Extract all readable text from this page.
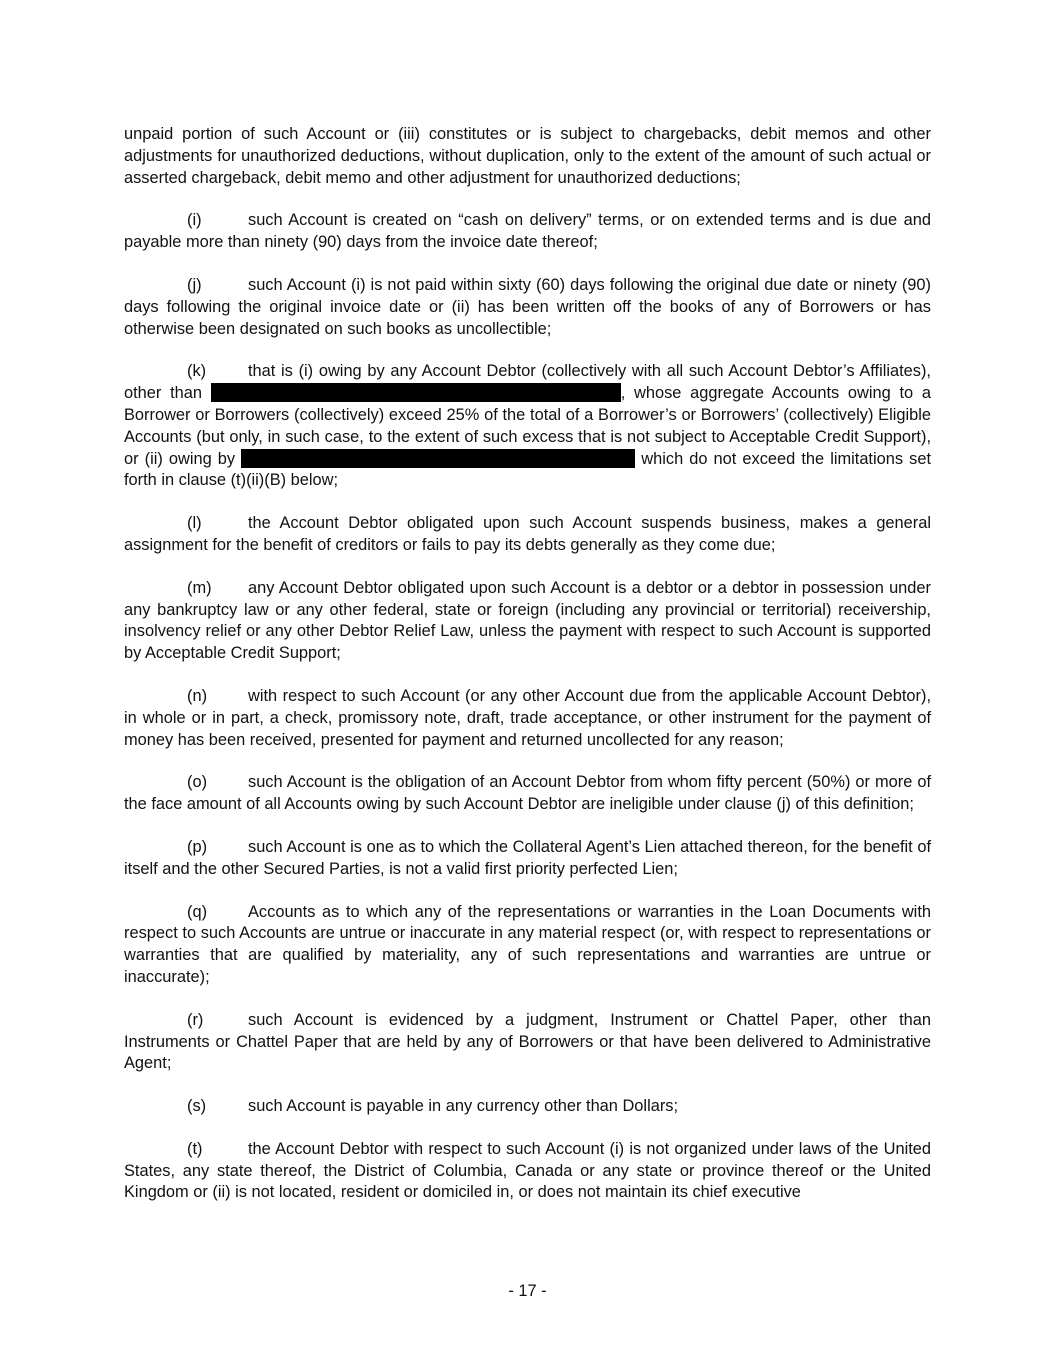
unpaid portion of such Account or (iii) constitutes or is subject to chargebacks, debit memos and other adjustments for unauthorized deductions, without duplication, only to the extent of the amount of such actual or asserted chargeback, debit memo and other adjustment for unauthorized deductions;

(i)	such Account is created on “cash on delivery” terms, or on extended terms and is due and payable more than ninety (90) days from the invoice date thereof;

(j)	such Account (i) is not paid within sixty (60) days following the original due date or ninety (90) days following the original invoice date or (ii) has been written off the books of any of Borrowers or has otherwise been designated on such books as uncollectible;

(k)	that is (i) owing by any Account Debtor (collectively with all such Account Debtor’s Affiliates), other than	, whose aggregate Accounts owing to a Borrower or Borrowers (collectively) exceed 25% of the total of a Borrower’s or Borrowers’ (collectively) Eligible Accounts (but only, in such case, to the extent of such excess that is not subject to Acceptable Credit Support), or (ii) owing by	which do not exceed the limitations set forth in clause (t)(ii)(B) below;

(l)	the Account Debtor obligated upon such Account suspends business, makes a general assignment for the benefit of creditors or fails to pay its debts generally as they come due;

(m) any Account Debtor obligated upon such Account is a debtor or a debtor in possession under any bankruptcy law or any other federal, state or foreign (including any provincial or territorial) receivership, insolvency relief or any other Debtor Relief Law, unless the payment with respect to such Account is supported by Acceptable Credit Support;

(n) with respect to such Account (or any other Account due from the applicable Account Debtor), in whole or in part, a check, promissory note, draft, trade acceptance, or other instrument for the payment of money has been received, presented for payment and returned uncollected for any reason;

(o) such Account is the obligation of an Account Debtor from whom fifty percent (50%) or more of the face amount of all Accounts owing by such Account Debtor are ineligible under clause (j) of this definition;

(p) such Account is one as to which the Collateral Agent’s Lien attached thereon, for the benefit of itself and the other Secured Parties, is not a valid first priority perfected Lien;

(q) Accounts as to which any of the representations or warranties in the Loan Documents with respect to such Accounts are untrue or inaccurate in any material respect (or, with respect to representations or warranties that are qualified by materiality, any of such representations and warranties are untrue or inaccurate);

(r)	such Account is evidenced by a judgment, Instrument or Chattel Paper, other than Instruments or Chattel Paper that are held by any of Borrowers or that have been delivered to Administrative Agent;

(s)	such Account is payable in any currency other than Dollars;

(t)	the Account Debtor with respect to such Account (i) is not organized under laws of the United States, any state thereof, the District of Columbia, Canada or any state or province thereof or the United Kingdom or (ii) is not located, resident or domiciled in, or does not maintain its chief executive

- 17 -
